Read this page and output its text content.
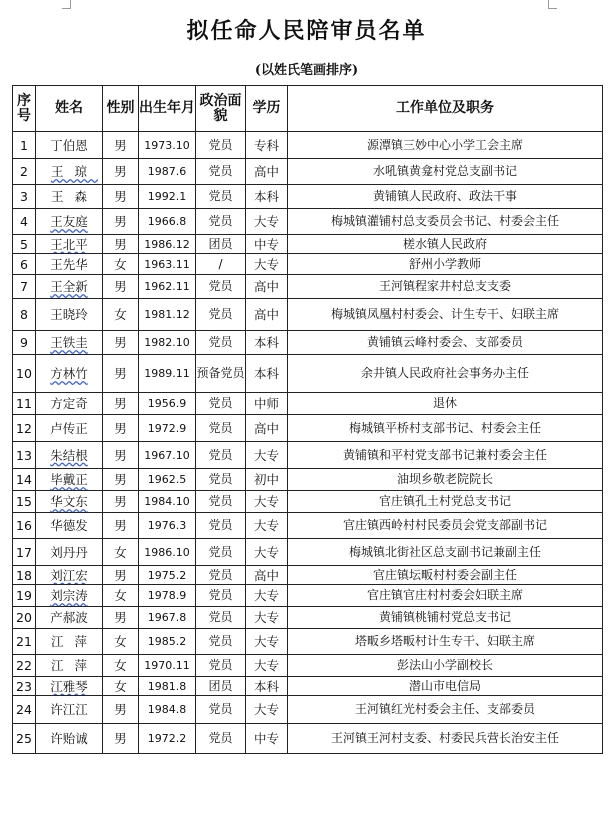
拟任命人民陪审员名单
(以姓氏笔画排序)
序号	姓名	性别	出生年月	政治面貌	学历	工作单位及职务
1	丁伯恩	男	1973.10	党员	专科	源潭镇三妙中心小学工会主席
2	王琼	男	1987.6	党员	高中	水吼镇黄龛村党总支副书记
3	王森	男	1992.1	党员	本科	黄铺镇人民政府、政法干事
4	王友庭	男	1966.8	党员	大专	梅城镇灌铺村总支委员会书记、村委会主任
5	王北平	男	1986.12	团员	中专	槎水镇人民政府
6	王先华	女	1963.11	/	大专	舒州小学教师
7	王全新	男	1962.11	党员	高中	王河镇程家井村总支支委
8	王晓玲	女	1981.12	党员	高中	梅城镇凤凰村村委会、计生专干、妇联主席
9	王铁圭	男	1982.10	党员	本科	黄铺镇云峰村委会、支部委员
10	方林竹	男	1989.11	预备党员	本科	余井镇人民政府社会事务办主任
11	方定奇	男	1956.9	党员	中师	退休
12	卢传正	男	1972.9	党员	高中	梅城镇平桥村支部书记、村委会主任
13	朱结根	男	1967.10	党员	大专	黄铺镇和平村党支部书记兼村委会主任
14	毕戴正	男	1962.5	党员	初中	油坝乡敬老院院长
15	华文东	男	1984.10	党员	大专	官庄镇孔土村党总支书记
16	华德发	男	1976.3	党员	大专	官庄镇西岭村村民委员会党支部副书记
17	刘丹丹	女	1986.10	党员	大专	梅城镇北街社区总支副书记兼副主任
18	刘江宏	男	1975.2	党员	高中	官庄镇坛畈村村委会副主任
19	刘宗涛	女	1978.9	党员	大专	官庄镇官庄村村委会妇联主席
20	产郝波	男	1967.8	党员	大专	黄铺镇桃铺村党总支书记
21	江萍	女	1985.2	党员	大专	塔畈乡塔畈村计生专干、妇联主席
22	江萍	女	1970.11	党员	大专	彭法山小学副校长
23	江雅琴	女	1981.8	团员	本科	潜山市电信局
24	许江江	男	1984.8	党员	大专	王河镇红光村委会主任、支部委员
25	许贻诚	男	1972.2	党员	中专	王河镇王河村支委、村委民兵营长治安主任
